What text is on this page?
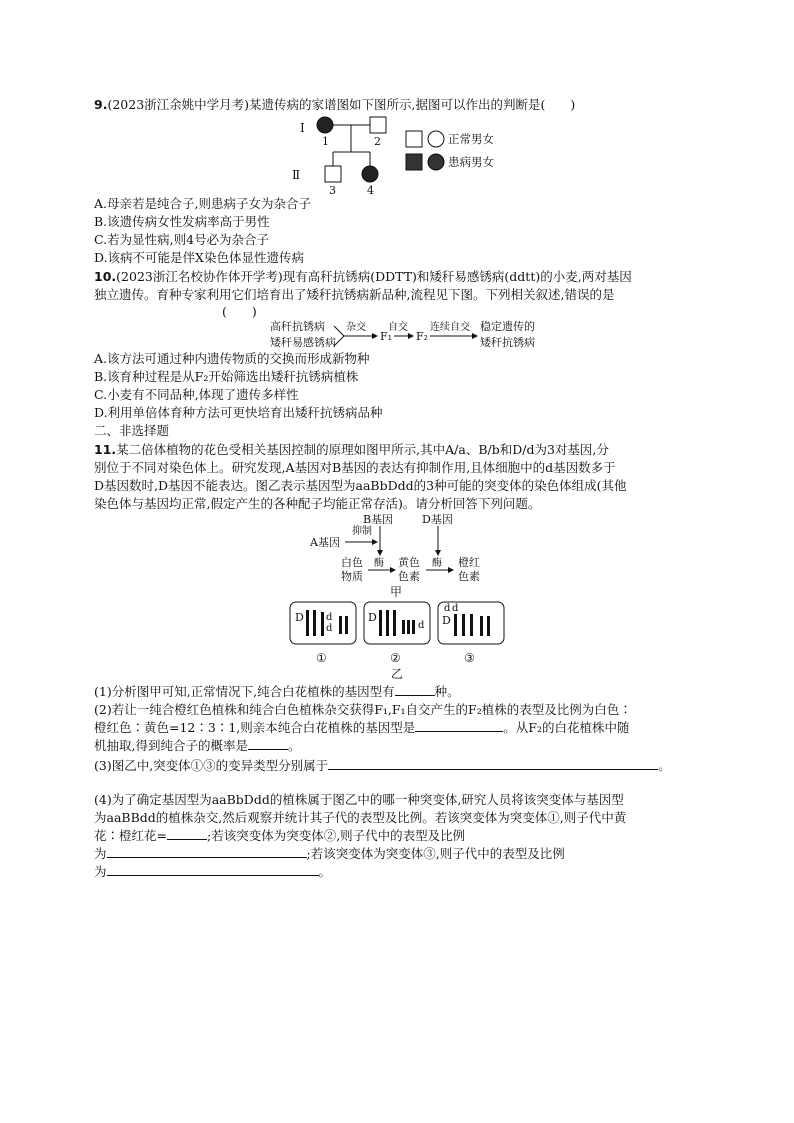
9.(2023浙江余姚中学月考)某遗传病的家谱图如下图所示,据图可以作出的判断是(　　)
I
1	2
Ⅱ
3	4
正常男女
患病男女
A.母亲若是纯合子,则患病子女为杂合子
B.该遗传病女性发病率高于男性
C.若为显性病,则4号必为杂合子
D.该病不可能是伴X染色体显性遗传病
10.(2023浙江名校协作体开学考)现有高秆抗锈病(DDTT)和矮秆易感锈病(ddtt)的小麦,两对基因
独立遗传。育种专家利用它们培育出了矮秆抗锈病新品种,流程见下图。下列相关叙述,错误的是
(　　)
高秆抗锈病
矮秆易感锈病
杂交
F₁
自交
F₂
连续自交 稳定遗传的
矮秆抗锈病
A.该方法可通过种内遗传物质的交换而形成新物种
B.该育种过程是从F₂开始筛选出矮秆抗锈病植株
C.小麦有不同品种,体现了遗传多样性
D.利用单倍体育种方法可更快培育出矮秆抗锈病品种
二、非选择题
11.某二倍体植物的花色受相关基因控制的原理如图甲所示,其中A/a、B/b和D/d为3对基因,分
别位于不同对染色体上。研究发现,A基因对B基因的表达有抑制作用,且体细胞中的d基因数多于
D基因数时,D基因不能表达。图乙表示基因型为aaBbDdd的3种可能的突变体的染色体组成(其他
染色体与基因均正常,假定产生的各种配子均能正常存活)。请分析回答下列问题。
B基因	D基因
A基因
抑制
白色
物质
酶 黄色
色素
酶 橙红
色素
甲
D d
d
①
D
d
②
乙
d d
D
③
(1)分析图甲可知,正常情况下,纯合白花植株的基因型有	种。
(2)若让一纯合橙红色植株和纯合白色植株杂交获得F₁,F₁自交产生的F₂植株的表型及比例为白色∶
橙红色∶黄色=12∶3∶1,则亲本纯合白花植株的基因型是	。从F₂的白花植株中随
机抽取,得到纯合子的概率是	。
(3)图乙中,突变体①③的变异类型分别属于	。
(4)为了确定基因型为aaBbDdd的植株属于图乙中的哪一种突变体,研究人员将该突变体与基因型
为aaBBdd的植株杂交,然后观察并统计其子代的表型及比例。若该突变体为突变体①,则子代中黄
花∶橙红花=	;若该突变体为突变体②,则子代中的表型及比例
为	;若该突变体为突变体③,则子代中的表型及比例
为	。
